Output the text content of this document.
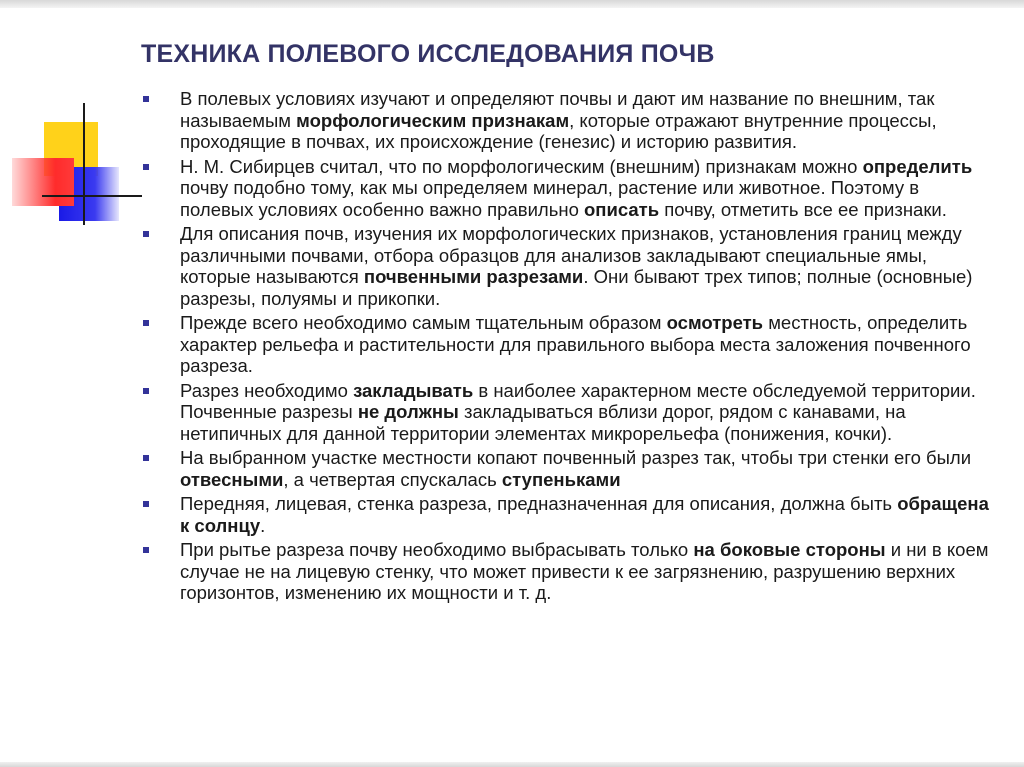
ТЕХНИКА ПОЛЕВОГО ИССЛЕДОВАНИЯ ПОЧВ
В полевых условиях изучают и определяют почвы и дают им название по внешним, так называемым морфологическим признакам, которые отражают внутренние процессы, проходящие в почвах, их происхождение (генезис) и историю развития.
Н. М. Сибирцев считал, что по морфологическим (внешним) признакам можно определить почву подобно тому, как мы определяем минерал, растение или животное. Поэтому в полевых условиях особенно важно правильно описать почву, отметить все ее признаки.
Для описания почв, изучения их морфологических признаков, установления границ между различными почвами, отбора образцов для анализов закладывают специальные ямы, которые называются почвенными разрезами. Они бывают трех типов; полные (основные) разрезы, полуямы и прикопки.
Прежде всего необходимо самым тщательным образом осмотреть местность, определить характер рельефа и растительности для правильного выбора места заложения почвенного разреза.
Разрез необходимо закладывать в наиболее характерном месте обследуемой территории. Почвенные разрезы не должны закладываться вблизи дорог, рядом с канавами, на нетипичных для данной территории элементах микрорельефа (понижения, кочки).
На выбранном участке местности копают почвенный разрез так, чтобы три стенки его были отвесными, а четвертая спускалась ступеньками
Передняя, лицевая, стенка разреза, предназначенная для описания, должна быть обращена к солнцу.
При рытье разреза почву необходимо выбрасывать только на боковые стороны и ни в коем случае не на лицевую стенку, что может привести к ее загрязнению, разрушению верхних горизонтов, изменению их мощности и т. д.
